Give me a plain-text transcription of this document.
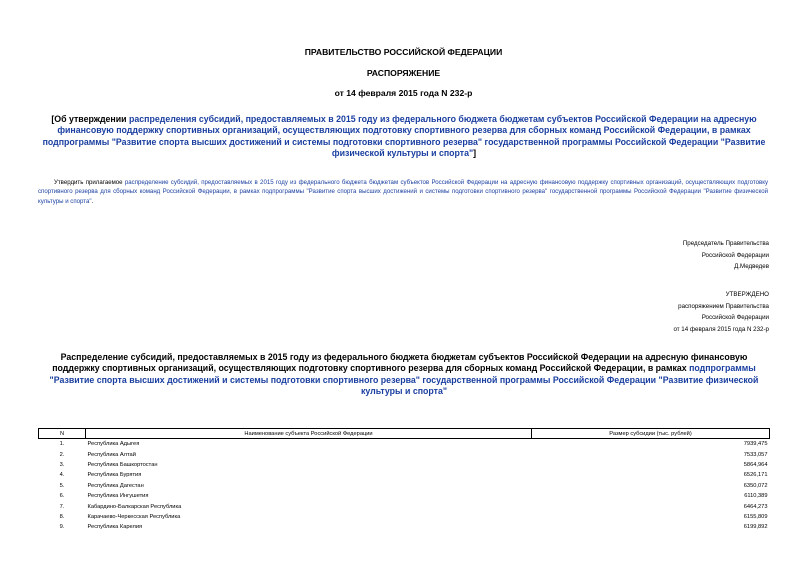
ПРАВИТЕЛЬСТВО РОССИЙСКОЙ ФЕДЕРАЦИИ
РАСПОРЯЖЕНИЕ
от 14 февраля 2015 года N 232-р
[Об утверждении распределения субсидий, предоставляемых в 2015 году из федерального бюджета бюджетам субъектов Российской Федерации на адресную финансовую поддержку спортивных организаций, осуществляющих подготовку спортивного резерва для сборных команд Российской Федерации, в рамках подпрограммы "Развитие спорта высших достижений и системы подготовки спортивного резерва" государственной программы Российской Федерации "Развитие физической культуры и спорта"]
Утвердить прилагаемое распределение субсидий, предоставляемых в 2015 году из федерального бюджета бюджетам субъектов Российской Федерации на адресную финансовую поддержку спортивных организаций, осуществляющих подготовку спортивного резерва для сборных команд Российской Федерации, в рамках подпрограммы "Развитие спорта высших достижений и системы подготовки спортивного резерва" государственной программы Российской Федерации "Развитие физической культуры и спорта".
Председатель Правительства
Российской Федерации
Д.Медведев
УТВЕРЖДЕНО
распоряжением Правительства
Российской Федерации
от 14 февраля 2015 года N 232-р
Распределение субсидий, предоставляемых в 2015 году из федерального бюджета бюджетам субъектов Российской Федерации на адресную финансовую поддержку спортивных организаций, осуществляющих подготовку спортивного резерва для сборных команд Российской Федерации, в рамках подпрограммы "Развитие спорта высших достижений и системы подготовки спортивного резерва" государственной программы Российской Федерации "Развитие физической культуры и спорта"
N	Наименование субъекта Российской Федерации	Размер субсидии (тыс. рублей)
1.	Республика Адыгея	7939,475
2.	Республика Алтай	7533,057
3.	Республика Башкортостан	5864,964
4.	Республика Бурятия	6526,171
5.	Республика Дагестан	6350,072
6.	Республика Ингушетия	6110,389
7.	Кабардино-Балкарская Республика	6464,273
8.	Карачаево-Черкесская Республика	6155,809
9.	Республика Карелия	6199,892
